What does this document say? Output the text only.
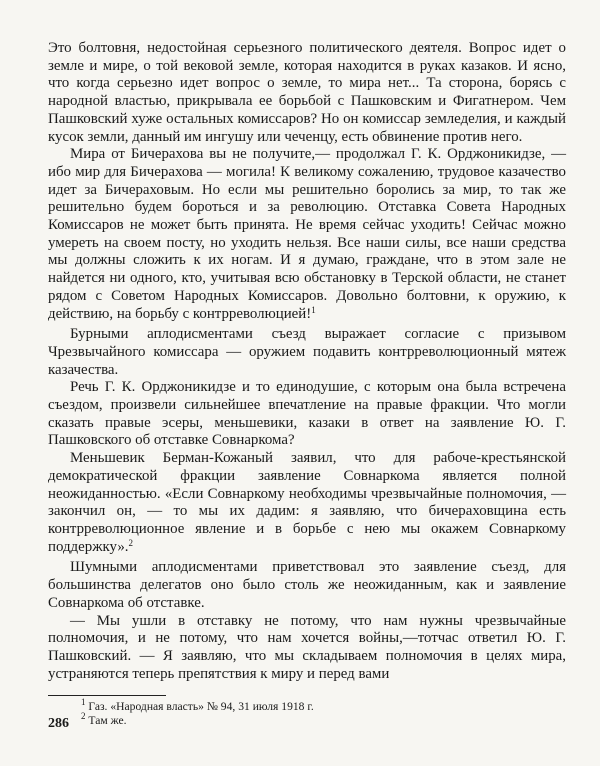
Это болтовня, недостойная серьезного политического деятеля. Вопрос идет о земле и мире, о той вековой земле, которая находится в руках казаков. И ясно, что когда серьезно идет вопрос о земле, то мира нет... Та сторона, борясь с народной властью, прикрывала ее борьбой с Пашковским и Фигатнером. Чем Пашковский хуже остальных комиссаров? Но он комиссар земледелия, и каждый кусок земли, данный им ингушу или чеченцу, есть обвинение против него.

Мира от Бичерахова вы не получите,— продолжал Г. К. Орджоникидзе, — ибо мир для Бичерахова — могила! К великому сожалению, трудовое казачество идет за Бичераховым. Но если мы решительно боролись за мир, то так же решительно будем бороться и за революцию. Отставка Совета Народных Комиссаров не может быть принята. Не время сейчас уходить! Сейчас можно умереть на своем посту, но уходить нельзя. Все наши силы, все наши средства мы должны сложить к их ногам. И я думаю, граждане, что в этом зале не найдется ни одного, кто, учитывая всю обстановку в Терской области, не станет рядом с Советом Народных Комиссаров. Довольно болтовни, к оружию, к действию, на борьбу с контрреволюцией!$^1$

Бурными аплодисментами съезд выражает согласие с призывом Чрезвычайного комиссара — оружием подавить контрреволюционный мятеж казачества.

Речь Г. К. Орджоникидзе и то единодушие, с которым она была встречена съездом, произвели сильнейшее впечатление на правые фракции. Что могли сказать правые эсеры, меньшевики, казаки в ответ на заявление Ю. Г. Пашковского об отставке Совнаркома?

Меньшевик Берман-Кожаный заявил, что для рабоче-крестьянской демократической фракции заявление Совнаркома является полной неожиданностью. «Если Совнаркому необходимы чрезвычайные полномочия, — закончил он, — то мы их дадим: я заявляю, что бичераховщина есть контрреволюционное явление и в борьбе с нею мы окажем Совнаркому поддержку».$^2$

Шумными аплодисментами приветствовал это заявление съезд, для большинства делегатов оно было столь же неожиданным, как и заявление Совнаркома об отставке.

— Мы ушли в отставку не потому, что нам нужны чрезвычайные полномочия, и не потому, что нам хочется войны,—тотчас ответил Ю. Г. Пашковский. — Я заявляю, что мы складываем полномочия в целях мира, устраняются теперь препятствия к миру и перед вами

$^1$ Газ. «Народная власть» № 94, 31 июля 1918 г.
$^2$ Там же.
286
